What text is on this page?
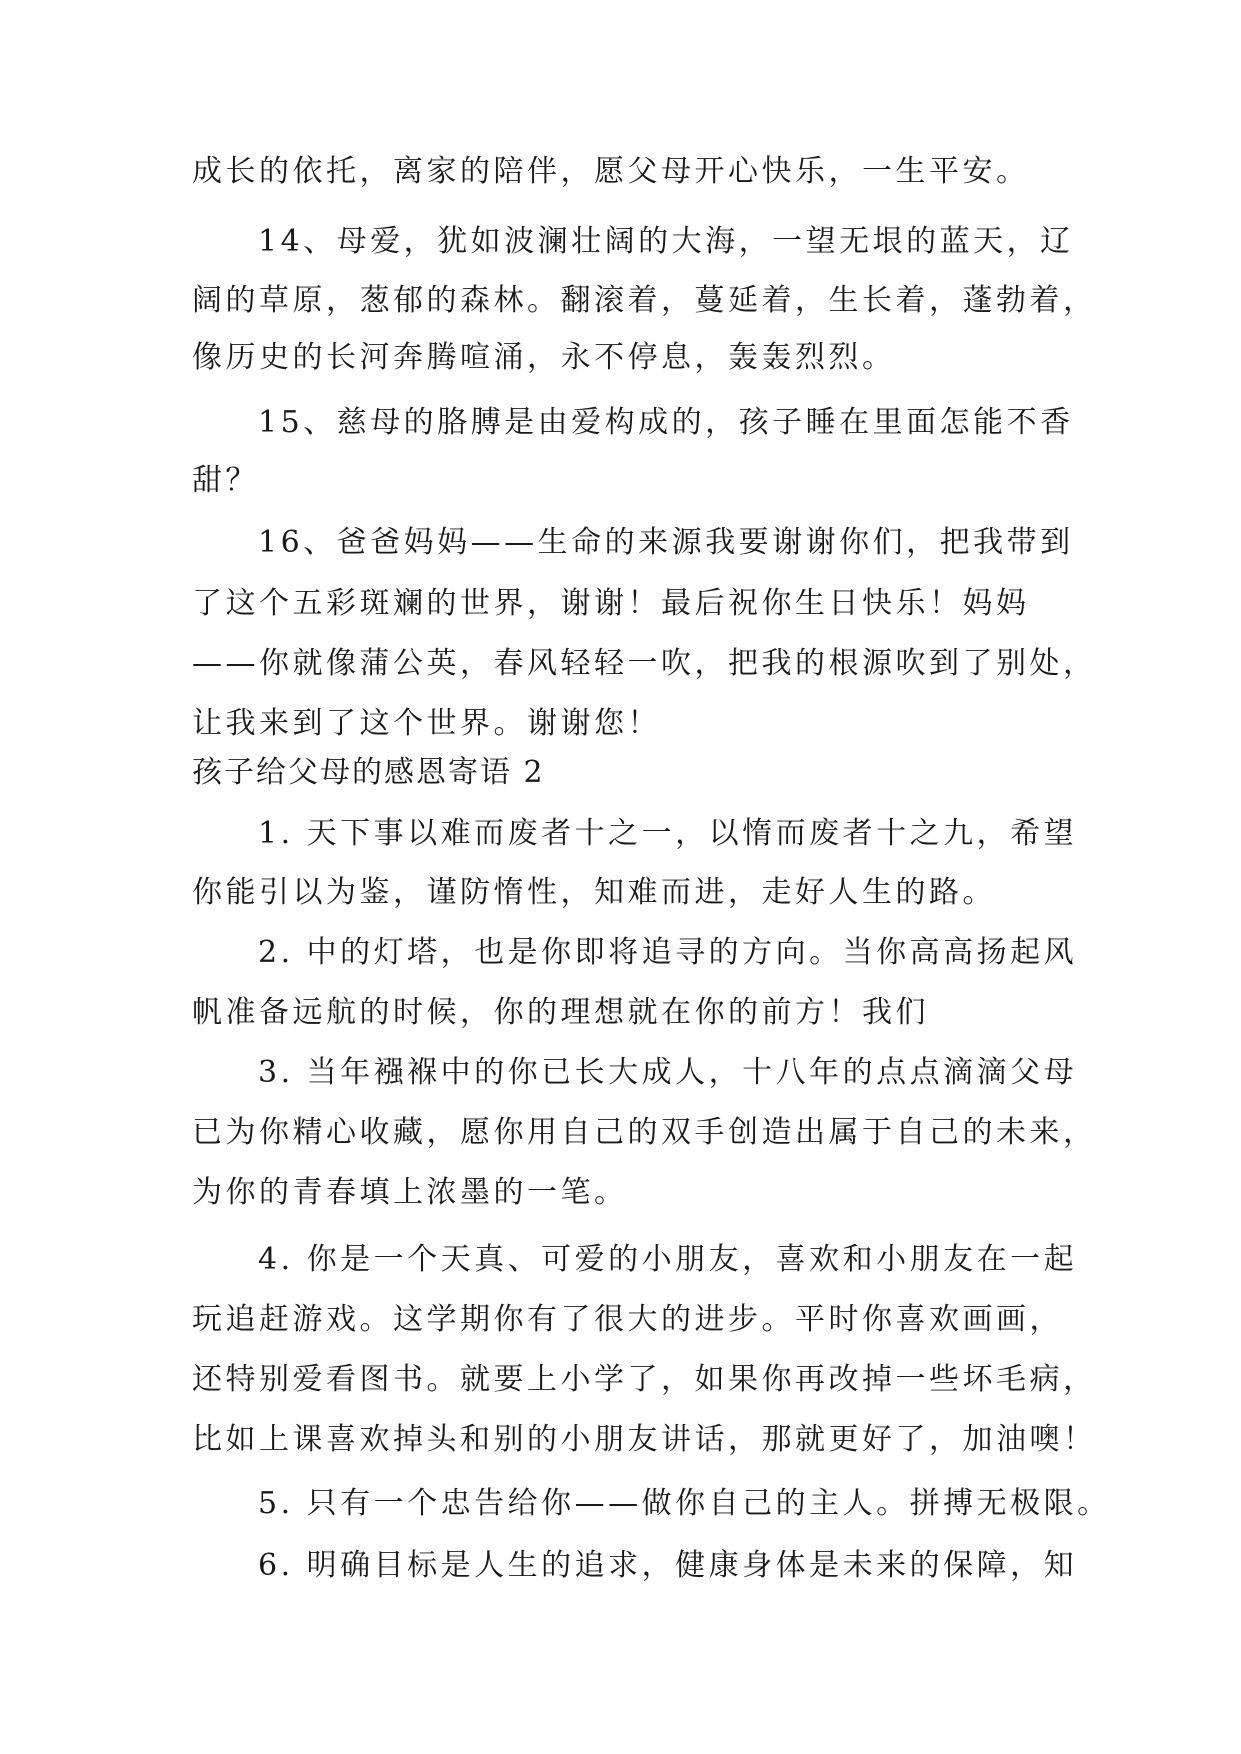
成长的依托，离家的陪伴，愿父母开心快乐，一生平安。
14、母爱，犹如波澜壮阔的大海，一望无垠的蓝天，辽
阔的草原，葱郁的森林。翻滚着，蔓延着，生长着，蓬勃着，
像历史的长河奔腾喧涌，永不停息，轰轰烈烈。
15、慈母的胳膊是由爱构成的，孩子睡在里面怎能不香
甜？
16、爸爸妈妈——生命的来源我要谢谢你们，把我带到
了这个五彩斑斓的世界，谢谢！最后祝你生日快乐！妈妈
——你就像蒲公英，春风轻轻一吹，把我的根源吹到了别处，
让我来到了这个世界。谢谢您！
孩子给父母的感恩寄语 2
1. 天下事以难而废者十之一，以惰而废者十之九，希望
你能引以为鉴，谨防惰性，知难而进，走好人生的路。
2. 中的灯塔，也是你即将追寻的方向。当你高高扬起风
帆准备远航的时候，你的理想就在你的前方！我们
3. 当年襁褓中的你已长大成人，十八年的点点滴滴父母
已为你精心收藏，愿你用自己的双手创造出属于自己的未来，
为你的青春填上浓墨的一笔。
4. 你是一个天真、可爱的小朋友，喜欢和小朋友在一起
玩追赶游戏。这学期你有了很大的进步。平时你喜欢画画，
还特别爱看图书。就要上小学了，如果你再改掉一些坏毛病，
比如上课喜欢掉头和别的小朋友讲话，那就更好了，加油噢！
5. 只有一个忠告给你——做你自己的主人。拼搏无极限。
6. 明确目标是人生的追求，健康身体是未来的保障，知
